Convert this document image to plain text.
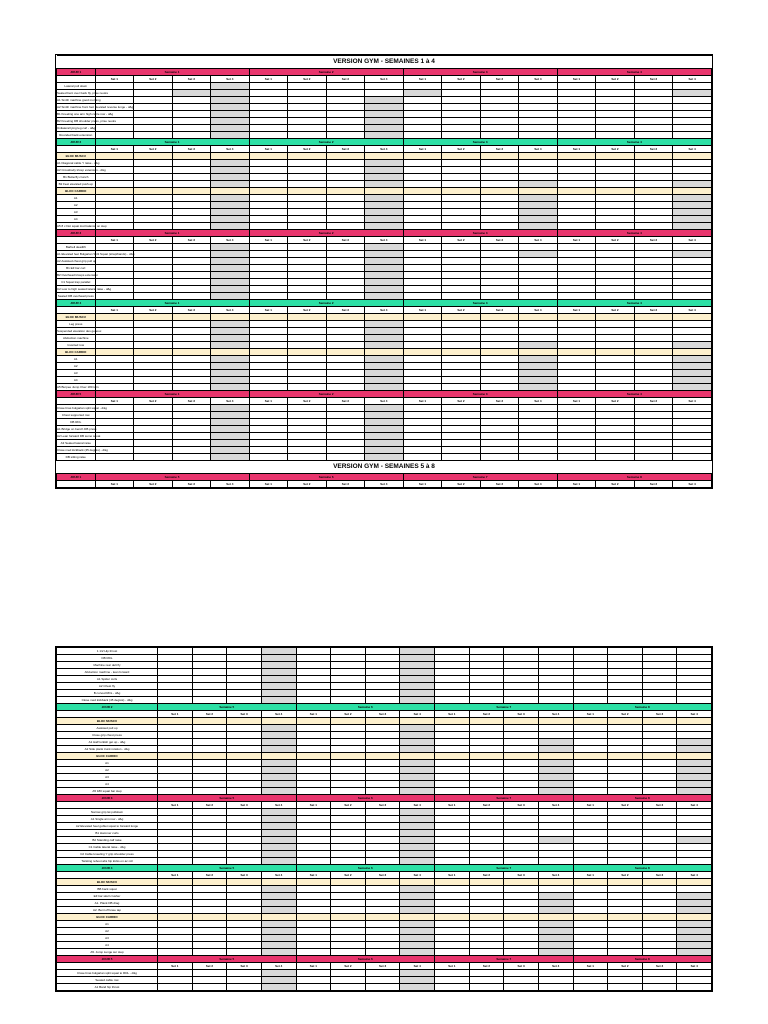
VERSION GYM - SEMAINES 1 à 4																
JOUR 1	Semaine 1				Semaine 2				Semaine 3				Semaine 4			
	Set 1	Set 2	Set 3	Set 4	Set 1	Set 2	Set 3	Set 4	Set 1	Set 2	Set 3	Set 4	Set 1	Set 2	Set 3	Set 4
Lateral pull down																
Seated bent over back fly, prise neutre																
A1 Smith machine good morning																
A2 Smith machine front foot elevated reverse lunge - d&g																
B1 Kneeling one arm high cable row - d&g																
B2 Kneeling DB shoulder press, prise neutre																
Unilateral lying leg curl - d&g																
Rounded back extension																
JOUR 2	Semaine 1				Semaine 2				Semaine 3				Semaine 4			
	Set 1	Set 2	Set 3	Set 4	Set 1	Set 2	Set 3	Set 4	Set 1	Set 2	Set 3	Set 4	Set 1	Set 2	Set 3	Set 4
BLOC MUSCU																
A1 Diagonal cable Y raise - d&g																
A2 Crossbody tricep extension - d&g																
B1 Butterfly crunch																
B2 Feet elevated push-up																
BLOC CARDIO																
A1																
A2																
A3																
A4																
A5 8 x Dot squat lost balance on step																
JOUR 3	Semaine 1				Semaine 2				Semaine 3				Semaine 4			
	Set 1	Set 2	Set 3	Set 4	Set 1	Set 2	Set 3	Set 4	Set 1	Set 2	Set 3	Set 4	Set 1	Set 2	Set 3	Set 4
Barbell deadlift																
A1 Elevated feet Bulgarian Split Squat (strap/bands) - d&g																
A2 Assisted chest grip pull up																
B1 EZ bar curl																
B2 Overhead triceps extension																
C1 Squat trap parallel																
C2 Low to high seated lateral raise - d&g																
Seated DB overhead press																
JOUR 4	Semaine 1				Semaine 2				Semaine 3				Semaine 4			
	Set 1	Set 2	Set 3	Set 4	Set 1	Set 2	Set 3	Set 4	Set 1	Set 2	Set 3	Set 4	Set 1	Set 2	Set 3	Set 4
BLOC MUSCU																
Leg press																
Suspended elevation des genoux																
Abduction machine																
Inverted row																
BLOC CARDIO																
A1																
A2																
A3																
A4																
A5 Burpee Jump Over 180 turn																
JOUR 5	Semaine 1				Semaine 2				Semaine 3				Semaine 4			
	Set 1	Set 2	Set 3	Set 4	Set 1	Set 2	Set 3	Set 4	Set 1	Set 2	Set 3	Set 4	Set 1	Set 2	Set 3	Set 4
Close bras bulgarian split squat - d&g																
Chest supported row																
DB RDL																
A1 Bridge on bench DB press																
A2 Lean forward DB sumo squat																
A3 Seated lateral raise																
Close med kickback (45 degrés) - d&g																
DB sitting raise																
VERSION GYM - SEMAINES 5 à 8																
JOUR 1	Semaine 5				Semaine 6				Semaine 7				Semaine 8			
	Set 1	Set 2	Set 3	Set 4	Set 1	Set 2	Set 3	Set 4	Set 1	Set 2	Set 3	Set 4	Set 1	Set 2	Set 3	Set 4
1 1/2 Hip thrust																
DB RDL																
Machine rear delt fly																
Abduction machine - lean forward																
A1 Spider curls																
A2 Chest fly																
B curved RDL - d&g																
Close med kickback (45 degrés) - d&g																
JOUR 2	Semaine 5				Semaine 6				Semaine 7				Semaine 8			
	Set 1	Set 2	Set 3	Set 4	Set 1	Set 2	Set 3	Set 4	Set 1	Set 2	Set 3	Set 4	Set 1	Set 2	Set 3	Set 4
BLOC MUSCU																
Assisted pull up																
Close grip chest press																
A1 Half turkish get up - d&g																
A2 Side plank trunk rotation - d&g																
BLOC CARDIO																
A1																
A2																
A3																
A4																
A5 180 squat bar step																
JOUR 3	Semaine 5				Semaine 6				Semaine 7				Semaine 8			
	Set 1	Set 2	Set 3	Set 4	Set 1	Set 2	Set 3	Set 4	Set 1	Set 2	Set 3	Set 4	Set 1	Set 2	Set 3	Set 4
Narrow grip lat pulldown																
A1 Single arm row - d&g																
A2 Elevated heel goblet squat to forward lunge																
B1 Hammer curls																
B2 Standing calf raise																
C1 Cable lateral raise - d&g																
C2 Cable kneeling Y grip shoulder press																
Twisting reboot abs hip kicks on ac roll																
JOUR 4	Semaine 5				Semaine 6				Semaine 7				Semaine 8			
	Set 1	Set 2	Set 3	Set 4	Set 1	Set 2	Set 3	Set 4	Set 1	Set 2	Set 3	Set 4	Set 1	Set 2	Set 3	Set 4
BLOC MUSCU																
BB back squat																
EZ bar skull crusher																
A1. Plank DB drag																
A2. Bent off knee tap																
BLOC CARDIO																
A1																
A2																
A3																
A4																
A5. Jump Lunge sur step																
JOUR 5	Semaine 5				Semaine 6				Semaine 7				Semaine 8			
	Set 1	Set 2	Set 3	Set 4	Set 1	Set 2	Set 3	Set 4	Set 1	Set 2	Set 3	Set 4	Set 1	Set 2	Set 3	Set 4
Close bras bulgarian split squat to RDL - d&g																
Seated cable row																
A1 Band hip thrust																
